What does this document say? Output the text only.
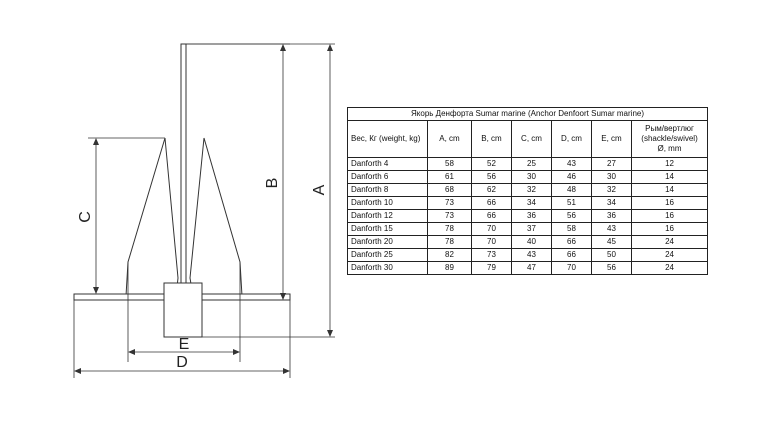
A
B
C
E
D
Якорь Денфорта Sumar marine (Anchor Denfoort Sumar marine)						
Вес, Кг (weight, kg)	A, cm	B, cm	C, cm	D, cm	E, cm	Рым/вертлюг
(shackle/swivel)
Ø, mm

Danforth 4	58	52	25	43	27	12
Danforth 6	61	56	30	46	30	14
Danforth 8	68	62	32	48	32	14
Danforth 10	73	66	34	51	34	16
Danforth 12	73	66	36	56	36	16
Danforth 15	78	70	37	58	43	16
Danforth 20	78	70	40	66	45	24
Danforth 25	82	73	43	66	50	24
Danforth 30	89	79	47	70	56	24
